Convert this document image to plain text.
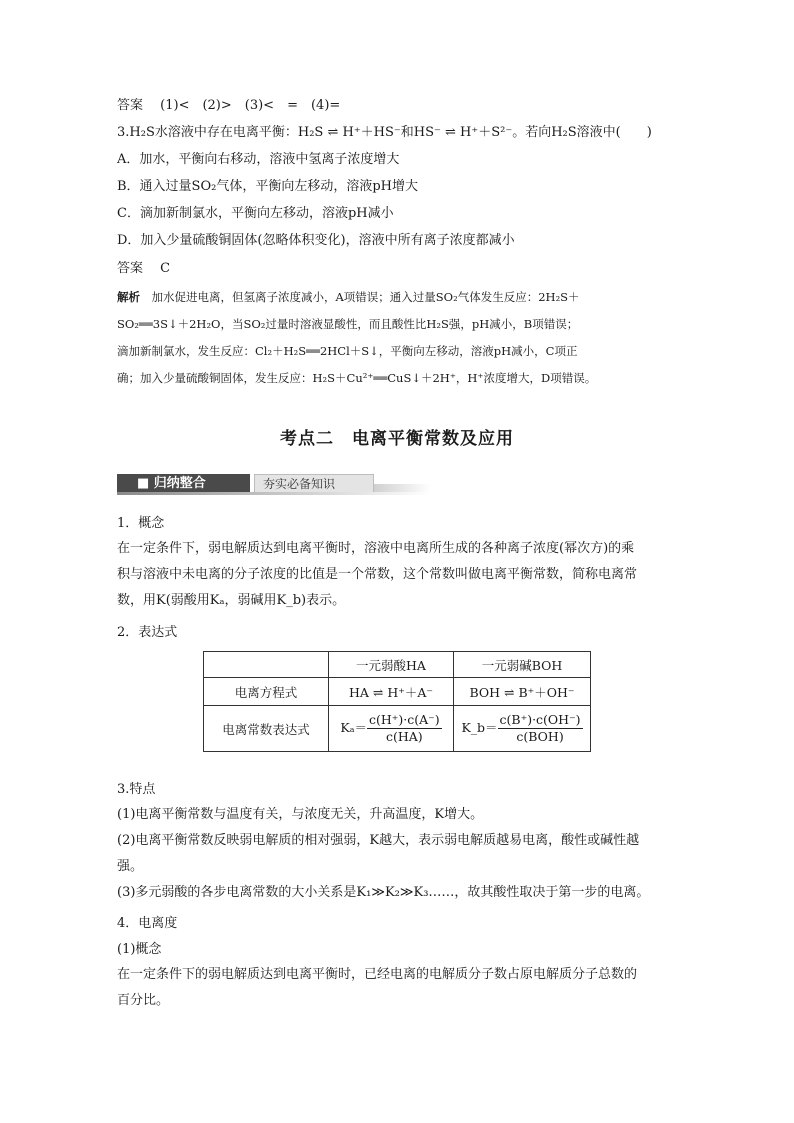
答案　 (1)<　(2)>　(3)<　=　(4)=
3.H₂S水溶液中存在电离平衡：H₂S ⇌ H⁺＋HS⁻和HS⁻ ⇌ H⁺＋S²⁻。若向H₂S溶液中(　　)
A．加水，平衡向右移动，溶液中氢离子浓度增大
B．通入过量SO₂气体，平衡向左移动，溶液pH增大
C．滴加新制氯水，平衡向左移动，溶液pH减小
D．加入少量硫酸铜固体(忽略体积变化)，溶液中所有离子浓度都减小
答案　 C
解析　 加水促进电离，但氢离子浓度减小，A项错误；通入过量SO₂气体发生反应：2H₂S＋
SO₂══3S↓＋2H₂O，当SO₂过量时溶液显酸性，而且酸性比H₂S强，pH减小，B项错误；
滴加新制氯水，发生反应：Cl₂＋H₂S══2HCl＋S↓，平衡向左移动，溶液pH减小，C项正
确；加入少量硫酸铜固体，发生反应：H₂S＋Cu²⁺══CuS↓＋2H⁺，H⁺浓度增大，D项错误。
考点二　电离平衡常数及应用
■ 归纳整合	夯实必备知识
1．概念
在一定条件下，弱电解质达到电离平衡时，溶液中电离所生成的各种离子浓度(幂次方)的乘
积与溶液中未电离的分子浓度的比值是一个常数，这个常数叫做电离平衡常数，简称电离常
数，用K(弱酸用Kₐ，弱碱用K_b)表示。
2．表达式
	一元弱酸HA	一元弱碱BOH
电离方程式	HA ⇌ H⁺＋A⁻	BOH ⇌ B⁺＋OH⁻
电离常数表达式	$K_a= \frac{c(H^+)\cdot c(A^-)}{c(HA)}$	K_b＝ $\frac{c(B^+)\cdot c(OH^-)}{\text{c(BOH)}}$
3.特点
(1)电离平衡常数与温度有关，与浓度无关，升高温度，K增大。
(2)电离平衡常数反映弱电解质的相对强弱，K越大，表示弱电解质越易电离，酸性或碱性越
强。
(3)多元弱酸的各步电离常数的大小关系是K₁≫K₂≫K₃……，故其酸性取决于第一步的电离。
4．电离度
(1)概念
在一定条件下的弱电解质达到电离平衡时，已经电离的电解质分子数占原电解质分子总数的
百分比。
